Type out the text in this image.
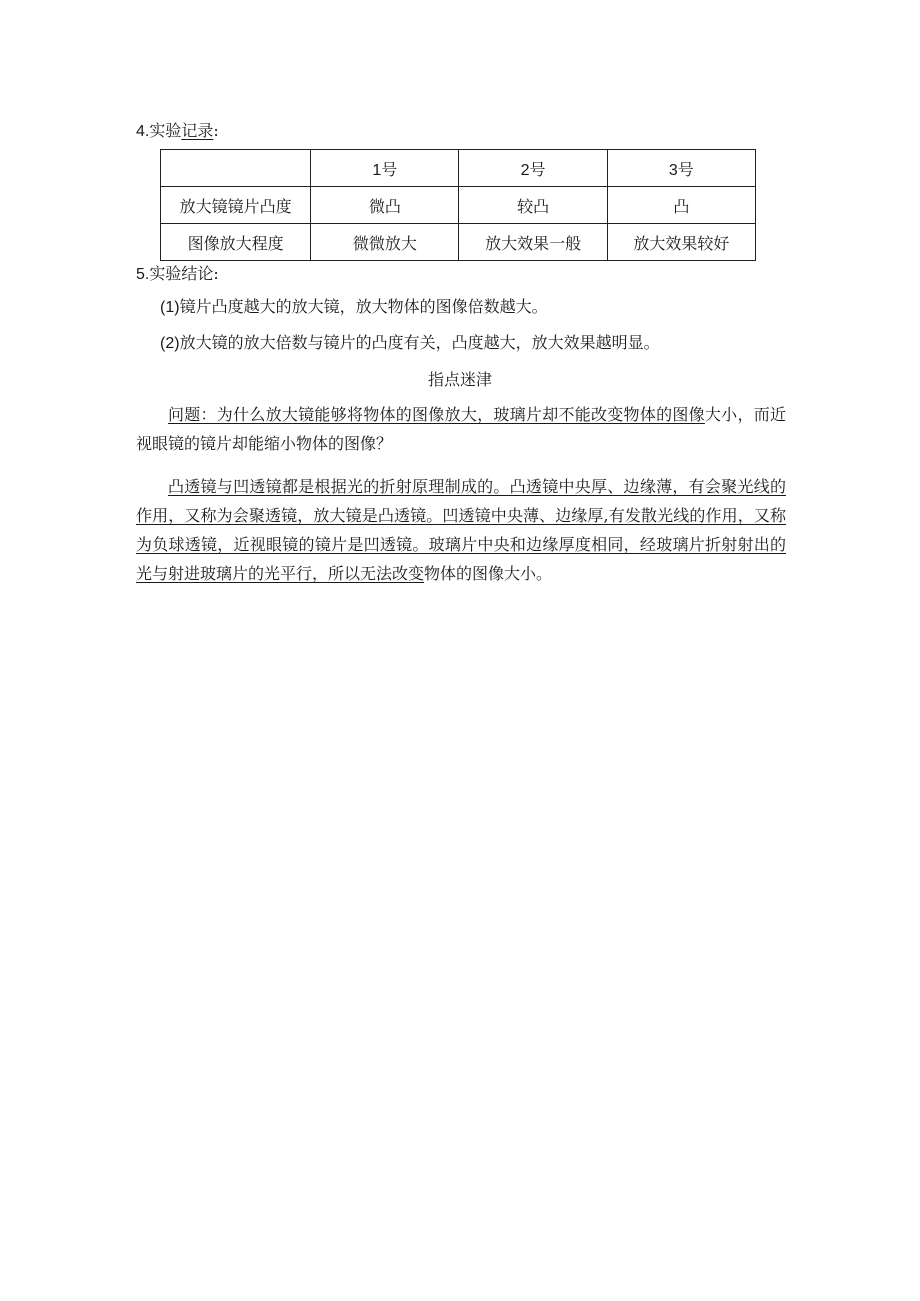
4.实验记录:
	1号	2号	3号
放大镜镜片凸度	微凸	较凸	凸
图像放大程度	微微放大	放大效果一般	放大效果较好
5.实验结论:
(1)镜片凸度越大的放大镜，放大物体的图像倍数越大。
(2)放大镜的放大倍数与镜片的凸度有关，凸度越大，放大效果越明显。
指点迷津
问题：为什么放大镜能够将物体的图像放大，玻璃片却不能改变物体的图像大小，而近视眼镜的镜片却能缩小物体的图像？
凸透镜与凹透镜都是根据光的折射原理制成的。凸透镜中央厚、边缘薄，有会聚光线的作用，又称为会聚透镜，放大镜是凸透镜。凹透镜中央薄、边缘厚,有发散光线的作用，又称为负球透镜，近视眼镜的镜片是凹透镜。玻璃片中央和边缘厚度相同，经玻璃片折射射出的光与射进玻璃片的光平行，所以无法改变物体的图像大小。
